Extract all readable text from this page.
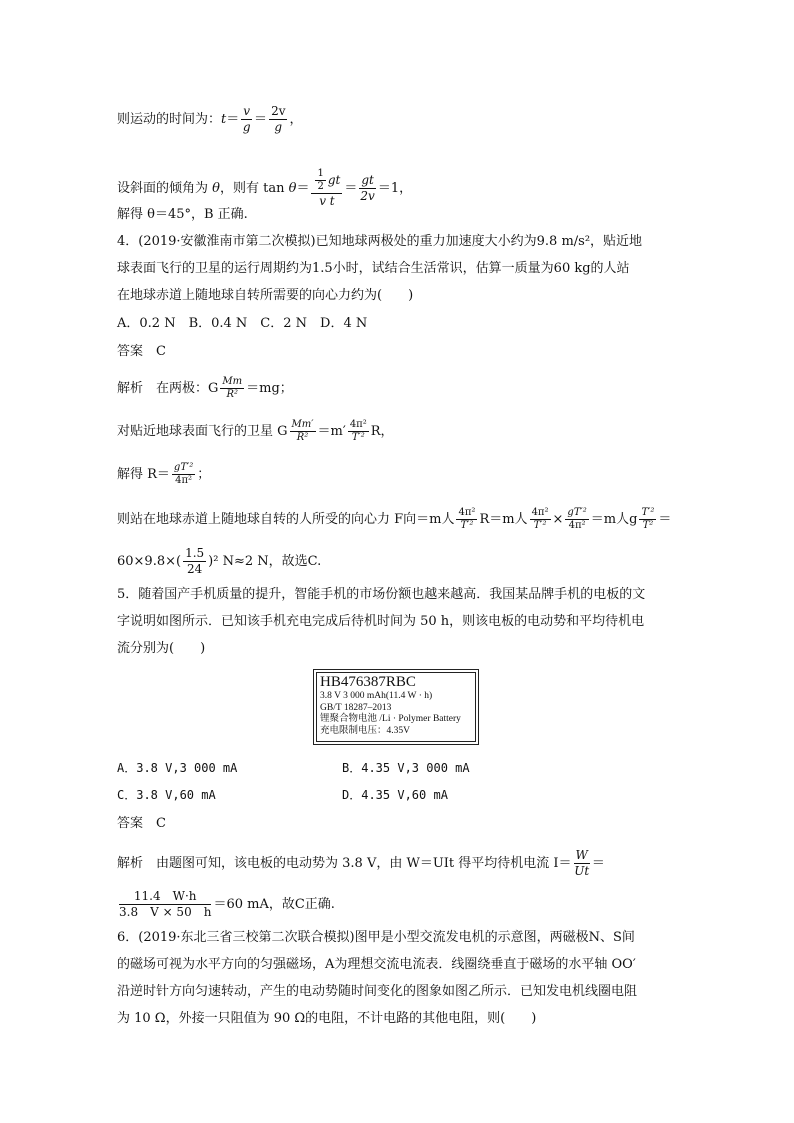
则运动的时间为：$t= \frac{v}{g} = \frac{2v}{g}$ ，
设斜面的倾角为 θ，则有 $\tan \theta= \frac{\frac{1}{2} gt}{\text{v t}} = \frac{gt}{2v} =1$，
解得 θ＝45°，B 正确.
4．(2019·安徽淮南市第二次模拟)已知地球两极处的重力加速度大小约为9.8 m/s²，贴近地
球表面飞行的卫星的运行周期约为1.5小时，试结合生活常识，估算一质量为60 kg的人站
在地球赤道上随地球自转所需要的向心力约为(　　)
A．0.2 N　B．0.4 N　C．2 N　D．4 N
答案　C
解析　在两极：G $\frac{Mm}{\text{R²}} =mg$；
对贴近地球表面飞行的卫星 G $\frac{Mm'}{\text{R²}} =m' \frac{\text{4π²}}{\text{T′²}}$ R，
解得 $R= \frac{\text{gT′²}}{\text{4π²}}$ ；
则站在地球赤道上随地球自转的人所受的向心力 F向＝m人 $\frac{\text{4π²}}{\text{T′²}} R=m$人 $\frac{\text{4π²}}{\text{T′²}} \times \frac{\text{gT′²}}{\text{4π²}} =m$人g $\frac{\text{T′²}}{\text{T²}}$ ＝
$60\times 9.8\times( \frac{1.5}{24} )^2$ N≈2 N，故选C.
5．随着国产手机质量的提升，智能手机的市场份额也越来越高．我国某品牌手机的电板的文
字说明如图所示．已知该手机充电完成后待机时间为 50 h，则该电板的电动势和平均待机电
流分别为(　　)
HB476387RBC
3.8 V 3 000 mAh(11.4 W · h)
GB/T 18287–2013
锂聚合物电池 /Li · Polymer Battery
充电限制电压：4.35V
A．3.8 V,3 000 mA	B．4.35 V,3 000 mA
C．3.8 V,60 mA	D．4.35 V,60 mA
答案　C
解析　由题图可知，该电板的电动势为 3.8 V，由 W＝UIt 得平均待机电流 $I= \frac{W}{Ut}$ ＝
$\frac{11.4 W\cdot h}{3.8 V \times 50 h} =60$ mA，故C正确.
6．(2019·东北三省三校第二次联合模拟)图甲是小型交流发电机的示意图，两磁极N、S间
的磁场可视为水平方向的匀强磁场，A为理想交流电流表．线圈绕垂直于磁场的水平轴 OO′
沿逆时针方向匀速转动，产生的电动势随时间变化的图象如图乙所示．已知发电机线圈电阻
为 10 Ω，外接一只阻值为 90 Ω的电阻，不计电路的其他电阻，则(　　)
